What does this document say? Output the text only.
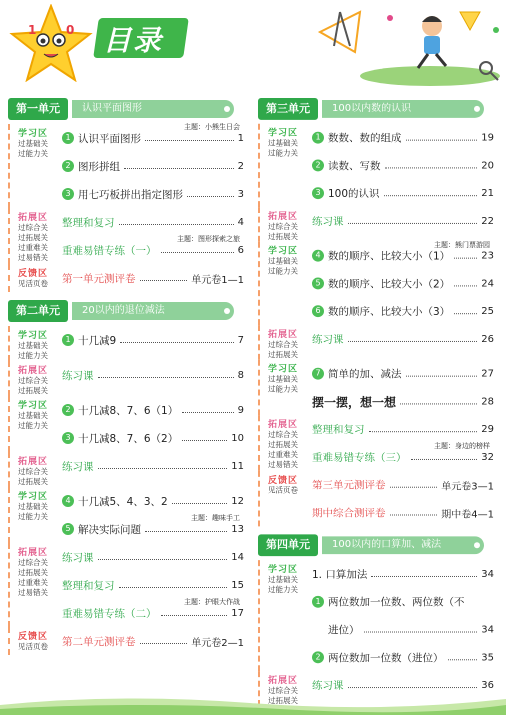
1 0 目录
认识平面图形
第一单元
学习区
过基础关
过能力关
1 认识平面图形	1
主题：小熊生日会
2 图形拼组	2
3 用七巧板拼出指定图形	3
拓展区
过综合关
过拓展关
过重难关
过易错关
整理和复习	4
重难易错专练（一）	6
主题：图形探索之旅
反馈区
见活页卷	第一单元测评卷	单元卷1—1
20以内的退位减法
第二单元
学习区
过基础关
过能力关
1 十几减9	7
拓展区
过综合关
过拓展关
练习课	8
学习区
过基础关
过能力关
2 十几减8、7、6（1）	9
3 十几减8、7、6（2）	10
拓展区
过综合关
过拓展关
练习课	11
学习区
过基础关
过能力关
4 十几减5、4、3、2	12
5 解决实际问题	13
主题：趣味手工
拓展区
过综合关
过拓展关
过重难关
过易错关
练习课	14
整理和复习	15
重难易错专练（二）	17
主题：护眼大作战
反馈区
见活页卷	第二单元测评卷	单元卷2—1
100以内数的认识
第三单元
学习区
过基础关
过能力关
1 数数、数的组成	19
2 读数、写数	20
3 100的认识	21
拓展区
过综合关
过拓展关
练习课	22
学习区
过基础关
过能力关
4 数的顺序、比较大小（1）	23
主题：熊门票游园
5 数的顺序、比较大小（2）	24
6 数的顺序、比较大小（3）	25
拓展区
过综合关
过拓展关
练习课	26
学习区
过基础关
过能力关
7 简单的加、减法	27
摆一摆，想一想	28
拓展区
过综合关
过拓展关
过重难关
过易错关
整理和复习	29
重难易错专练（三）	32
主题：身边的榜样
反馈区
见活页卷	第三单元测评卷	单元卷3—1
期中综合测评卷	期中卷4—1
100以内的口算加、减法
第四单元
学习区
过基础关
过能力关
1. 口算加法	34
1 两位数加一位数、两位数（不
进位）	34
2 两位数加一位数（进位）	35
拓展区
过综合关
过拓展关
练习课	36
